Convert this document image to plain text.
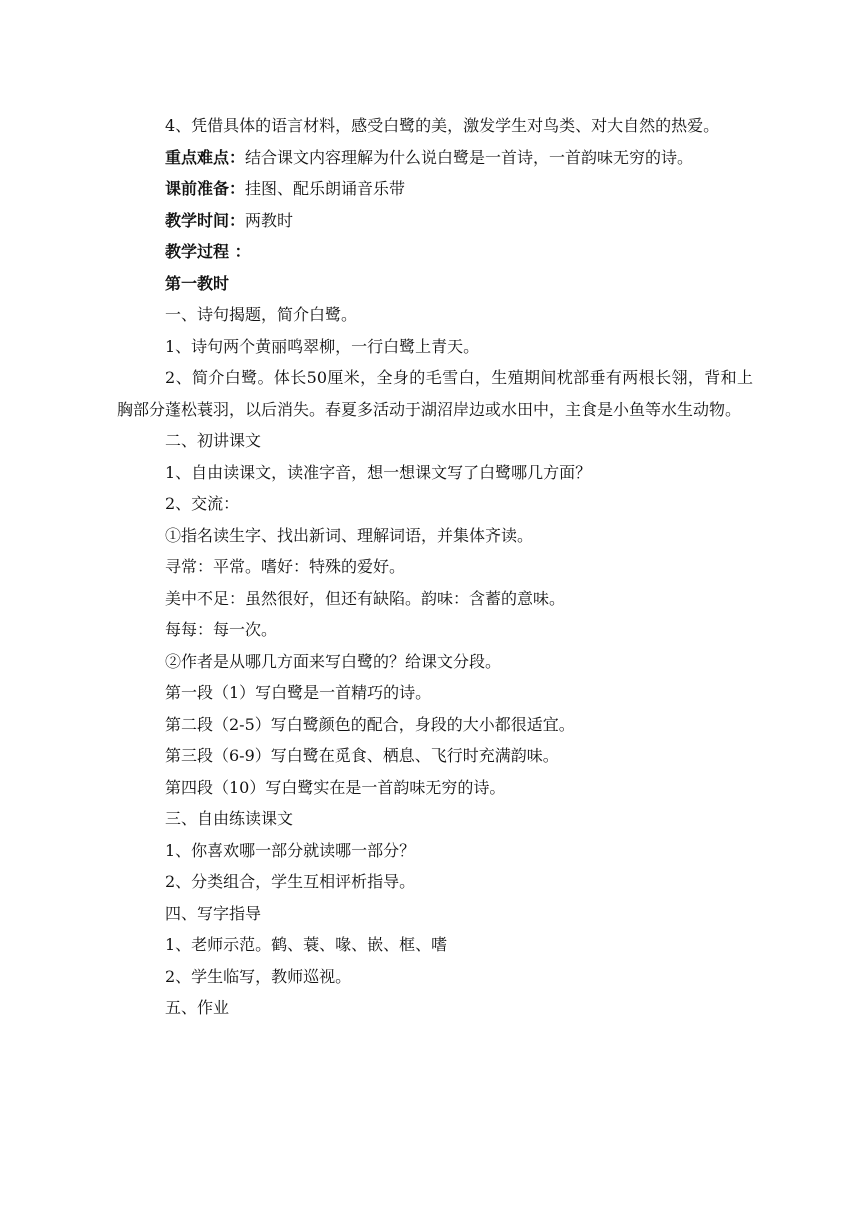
4、凭借具体的语言材料，感受白鹭的美，激发学生对鸟类、对大自然的热爱。

重点难点：结合课文内容理解为什么说白鹭是一首诗，一首韵味无穷的诗。

课前准备：挂图、配乐朗诵音乐带

教学时间：两教时

教学过程 ：

第一教时

一、诗句揭题，简介白鹭。

1、诗句两个黄丽鸣翠柳，一行白鹭上青天。

2、简介白鹭。体长50厘米，全身的毛雪白，生殖期间枕部垂有两根长翎，背和上胸部分蓬松蓑羽，以后消失。春夏多活动于湖沼岸边或水田中，主食是小鱼等水生动物。

二、初讲课文

1、自由读课文，读准字音，想一想课文写了白鹭哪几方面？

2、交流：

①指名读生字、找出新词、理解词语，并集体齐读。

寻常：平常。嗜好：特殊的爱好。

美中不足：虽然很好，但还有缺陷。韵味：含蓄的意味。

每每：每一次。

②作者是从哪几方面来写白鹭的？给课文分段。

第一段（1）写白鹭是一首精巧的诗。

第二段（2-5）写白鹭颜色的配合，身段的大小都很适宜。

第三段（6-9）写白鹭在觅食、栖息、飞行时充满韵味。

第四段（10）写白鹭实在是一首韵味无穷的诗。

三、自由练读课文

1、你喜欢哪一部分就读哪一部分？

2、分类组合，学生互相评析指导。

四、写字指导

1、老师示范。鹤、蓑、喙、嵌、框、嗜

2、学生临写，教师巡视。

五、作业
